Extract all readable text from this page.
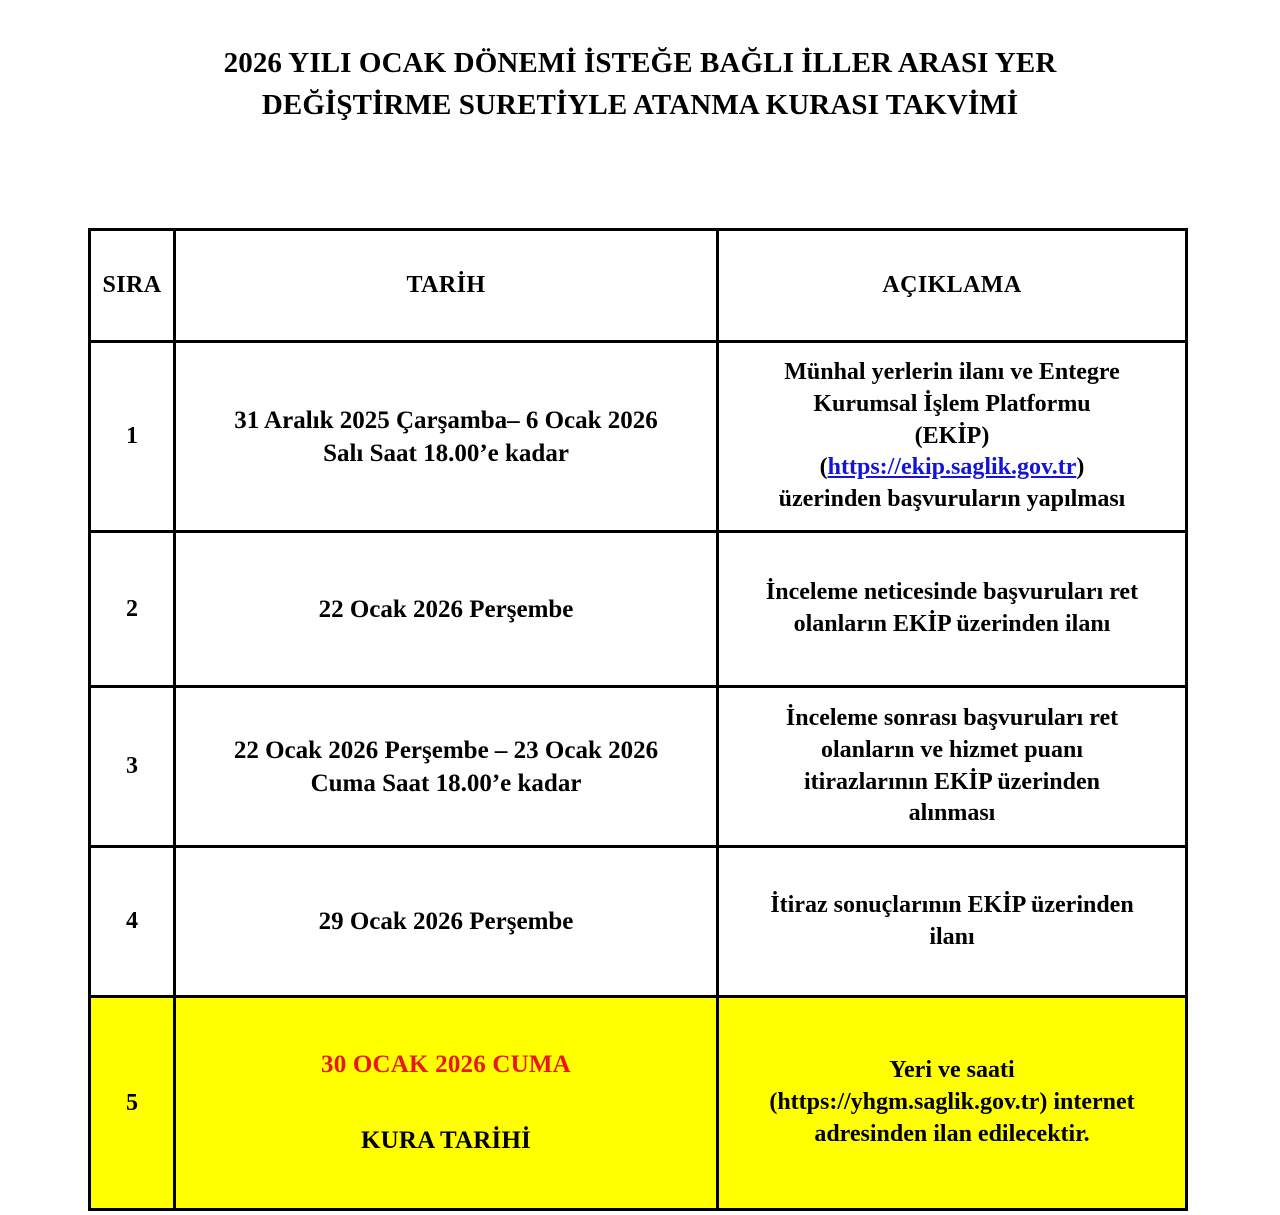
2026 YILI OCAK DÖNEMİ İSTEĞE BAĞLI İLLER ARASI YER
DEĞİŞTİRME SURETİYLE ATANMA KURASI TAKVİMİ
SIRA	TARİH	AÇIKLAMA
1	31 Aralık 2025 Çarşamba– 6 Ocak 2026
Salı Saat 18.00’e kadar	Münhal yerlerin ilanı ve Entegre
Kurumsal İşlem Platformu
(EKİP)
(https://ekip.saglik.gov.tr)
üzerinden başvuruların yapılması

2	22 Ocak 2026 Perşembe	İnceleme neticesinde başvuruları ret
olanların EKİP üzerinden ilanı

3	22 Ocak 2026 Perşembe – 23 Ocak 2026
Cuma Saat 18.00’e kadar	İnceleme sonrası başvuruları ret
olanların ve hizmet puanı
itirazlarının EKİP üzerinden
alınması

4	29 Ocak 2026 Perşembe	İtiraz sonuçlarının EKİP üzerinden
ilanı

5	30 OCAK 2026 CUMA
KURA TARİHİ	Yeri ve saati
(https://yhgm.saglik.gov.tr) internet
adresinden ilan edilecektir.
